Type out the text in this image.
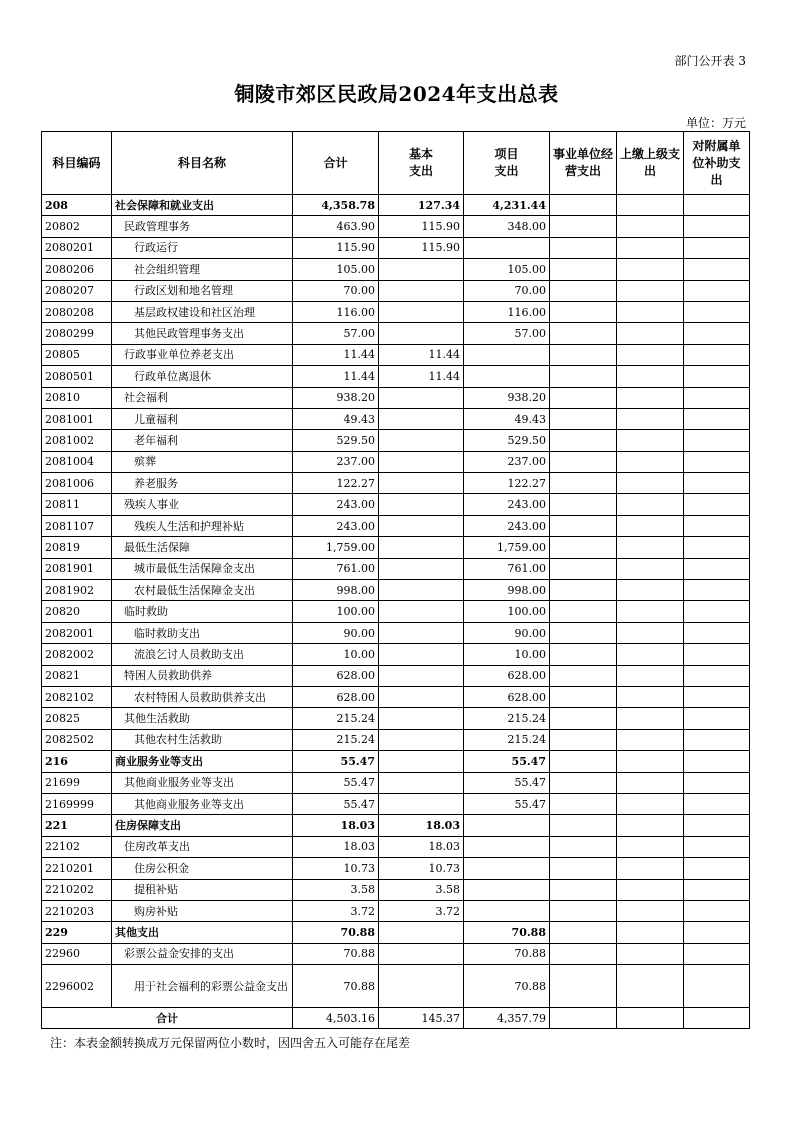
部门公开表 3
铜陵市郊区民政局2024年支出总表
单位：万元
科目编码	科目名称	合计	基本支出	项目支出	事业单位经营支出	上缴上级支出	对附属单位补助支出
208	社会保障和就业支出	4,358.78	127.34	4,231.44			
20802	民政管理事务	463.90	115.90	348.00			
2080201	行政运行	115.90	115.90				
2080206	社会组织管理	105.00		105.00			
2080207	行政区划和地名管理	70.00		70.00			
2080208	基层政权建设和社区治理	116.00		116.00			
2080299	其他民政管理事务支出	57.00		57.00			
20805	行政事业单位养老支出	11.44	11.44				
2080501	行政单位离退休	11.44	11.44				
20810	社会福利	938.20		938.20			
2081001	儿童福利	49.43		49.43			
2081002	老年福利	529.50		529.50			
2081004	殡葬	237.00		237.00			
2081006	养老服务	122.27		122.27			
20811	残疾人事业	243.00		243.00			
2081107	残疾人生活和护理补贴	243.00		243.00			
20819	最低生活保障	1,759.00		1,759.00			
2081901	城市最低生活保障金支出	761.00		761.00			
2081902	农村最低生活保障金支出	998.00		998.00			
20820	临时救助	100.00		100.00			
2082001	临时救助支出	90.00		90.00			
2082002	流浪乞讨人员救助支出	10.00		10.00			
20821	特困人员救助供养	628.00		628.00			
2082102	农村特困人员救助供养支出	628.00		628.00			
20825	其他生活救助	215.24		215.24			
2082502	其他农村生活救助	215.24		215.24			
216	商业服务业等支出	55.47		55.47			
21699	其他商业服务业等支出	55.47		55.47			
2169999	其他商业服务业等支出	55.47		55.47			
221	住房保障支出	18.03	18.03				
22102	住房改革支出	18.03	18.03				
2210201	住房公积金	10.73	10.73				
2210202	提租补贴	3.58	3.58				
2210203	购房补贴	3.72	3.72				
229	其他支出	70.88		70.88			
22960	彩票公益金安排的支出	70.88		70.88			
2296002	用于社会福利的彩票公益金支出	70.88		70.88			
合计		4,503.16	145.37	4,357.79			
注：本表金额转换成万元保留两位小数时，因四舍五入可能存在尾差
